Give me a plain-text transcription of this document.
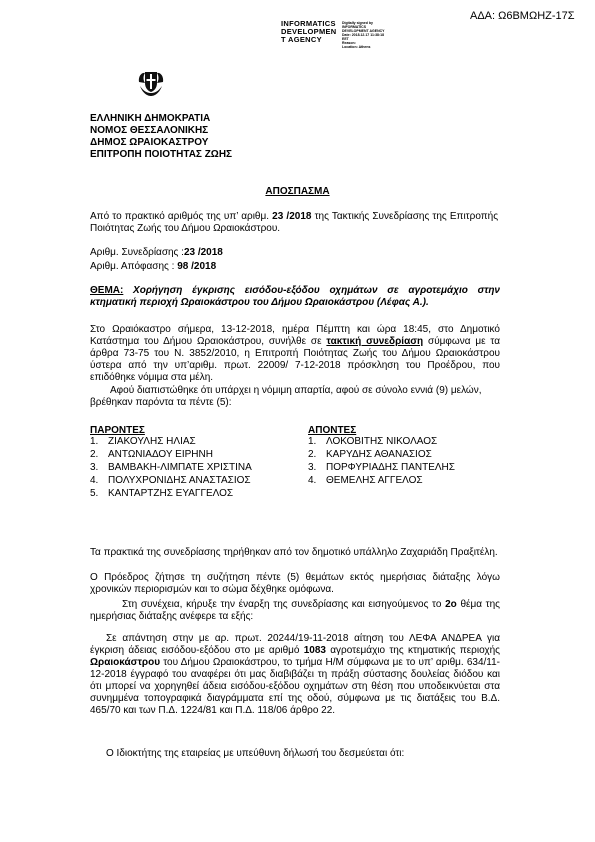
ΑΔΑ: Ω6ΒΜΩΗΖ-17Σ
INFORMATICS
DEVELOPMEN
T AGENCY
Digitally signed by
INFORMATICS
DEVELOPMENT AGENCY
Date: 2018.12.17 11:38:18
EET
Reason:
Location: Athens
ΕΛΛΗΝΙΚΗ ΔΗΜΟΚΡΑΤΙΑ
ΝΟΜΟΣ ΘΕΣΣΑΛΟΝΙΚΗΣ
ΔΗΜΟΣ ΩΡΑΙΟΚΑΣΤΡΟΥ
ΕΠΙΤΡΟΠΗ ΠΟΙΟΤΗΤΑΣ ΖΩΗΣ
ΑΠΟΣΠΑΣΜΑ
Από το πρακτικό αριθμός της υπ’ αριθμ. 23 /2018 της Τακτικής Συνεδρίασης της Επιτροπής Ποιότητας Ζωής του Δήμου Ωραιοκάστρου.
Αριθμ. Συνεδρίασης :23 /2018
Αριθμ. Απόφασης : 98 /2018
ΘΕΜΑ: Χορήγηση έγκρισης εισόδου-εξόδου οχημάτων σε αγροτεμάχιο στην κτηματική περιοχή Ωραιοκάστρου του Δήμου Ωραιοκάστρου (Λέφας Α.).
Στο Ωραιόκαστρο σήμερα, 13-12-2018, ημέρα Πέμπτη και ώρα 18:45, στο Δημοτικό Κατάστημα του Δήμου Ωραιοκάστρου, συνήλθε σε τακτική συνεδρίαση σύμφωνα με τα άρθρα 73-75 του Ν. 3852/2010, η Επιτροπή Ποιότητας Ζωής του Δήμου Ωραιοκάστρου ύστερα από την υπ’αριθμ. πρωτ. 22009/ 7-12-2018 πρόσκληση του Προέδρου, που επιδόθηκε νόμιμα στα μέλη.
Αφού διαπιστώθηκε ότι υπάρχει η νόμιμη απαρτία, αφού σε σύνολο εννιά (9) μελών, βρέθηκαν παρόντα τα πέντε (5):
ΠΑΡΟΝΤΕΣ
1. ΖΙΑΚΟΥΛΗΣ ΗΛΙΑΣ
2. ΑΝΤΩΝΙΑΔΟΥ ΕΙΡΗΝΗ
3. ΒΑΜΒΑΚΗ-ΛΙΜΠΑΤΕ ΧΡΙΣΤΙΝΑ
4. ΠΟΛΥΧΡΟΝΙΔΗΣ ΑΝΑΣΤΑΣΙΟΣ
5. ΚΑΝΤΑΡΤΖΗΣ ΕΥΑΓΓΕΛΟΣ
ΑΠΟΝΤΕΣ
1. ΛΟΚΟΒΙΤΗΣ ΝΙΚΟΛΑΟΣ
2. ΚΑΡΥΔΗΣ ΑΘΑΝΑΣΙΟΣ
3. ΠΟΡΦΥΡΙΑΔΗΣ ΠΑΝΤΕΛΗΣ
4. ΘΕΜΕΛΗΣ ΑΓΓΕΛΟΣ
Τα πρακτικά της συνεδρίασης τηρήθηκαν από τον δημοτικό υπάλληλο Ζαχαριάδη Πραξιτέλη.
Ο Πρόεδρος ζήτησε τη συζήτηση πέντε (5) θεμάτων εκτός ημερήσιας διάταξης λόγω χρονικών περιορισμών και το σώμα δέχθηκε ομόφωνα.
Στη συνέχεια, κήρυξε την έναρξη της συνεδρίασης και εισηγούμενος το 2ο θέμα της ημερήσιας διάταξης ανέφερε τα εξής:
Σε απάντηση στην με αρ. πρωτ. 20244/19-11-2018 αίτηση του ΛΕΦΑ ΑΝΔΡΕΑ για έγκριση άδειας εισόδου-εξόδου στο με αριθμό 1083 αγροτεμάχιο της κτηματικής περιοχής Ωραιοκάστρου του Δήμου Ωραιοκάστρου, το τμήμα Η/Μ σύμφωνα με το υπ’ αριθμ. 634/11-12-2018 έγγραφό του αναφέρει ότι μας διαβιβάζει τη πράξη σύστασης δουλείας διόδου και ότι μπορεί να χορηγηθεί άδεια εισόδου-εξόδου οχημάτων στη θέση που υποδεικνύεται στα συνημμένα τοπογραφικά διαγράμματα επί της οδού, σύμφωνα με τις διατάξεις του Β.Δ. 465/70 και των Π.Δ. 1224/81 και Π.Δ. 118/06 άρθρο 22.
Ο Ιδιοκτήτης της εταιρείας με υπεύθυνη δήλωσή του δεσμεύεται ότι:
